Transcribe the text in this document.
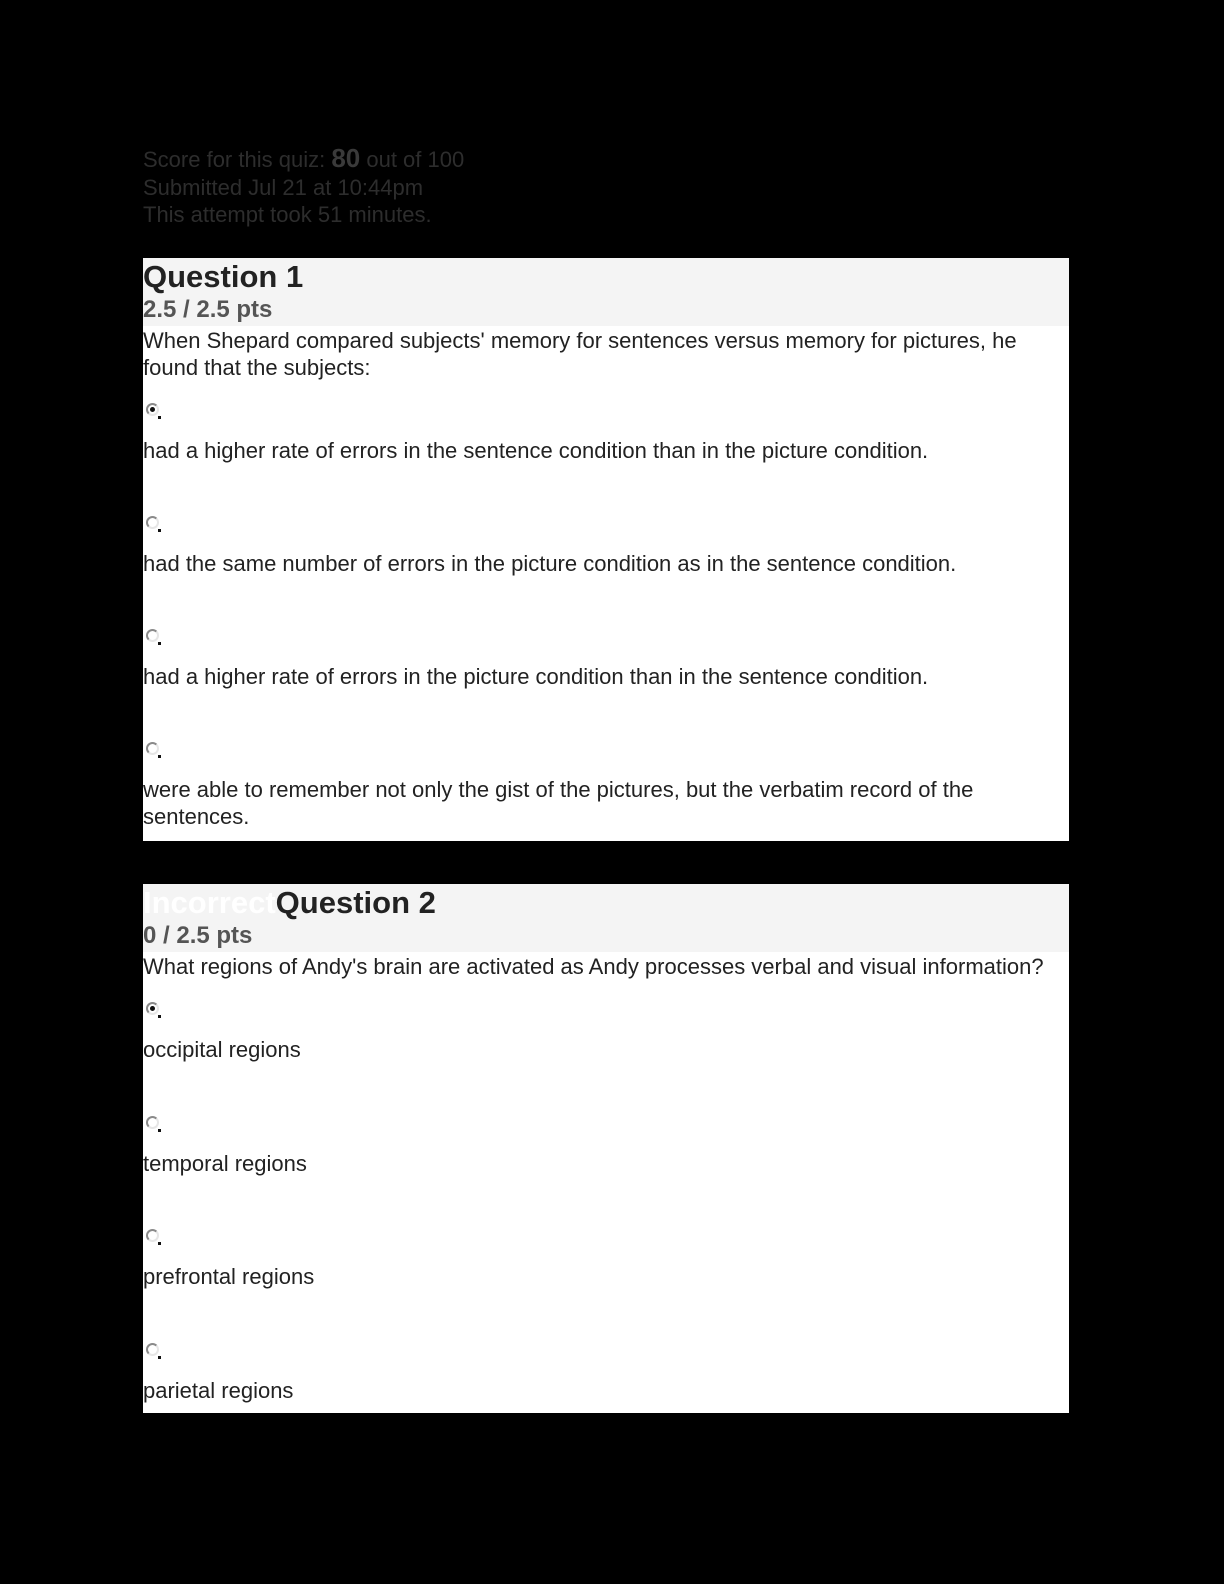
Score for this quiz: 80 out of 100
Submitted Jul 21 at 10:44pm
This attempt took 51 minutes.
Question 1
2.5 / 2.5 pts
When Shepard compared subjects' memory for sentences versus memory for pictures, he found that the subjects:
had a higher rate of errors in the sentence condition than in the picture condition.
had the same number of errors in the picture condition as in the sentence condition.
had a higher rate of errors in the picture condition than in the sentence condition.
were able to remember not only the gist of the pictures, but the verbatim record of the sentences.
IncorrectQuestion 2
0 / 2.5 pts
What regions of Andy's brain are activated as Andy processes verbal and visual information?
occipital regions
temporal regions
prefrontal regions
parietal regions
